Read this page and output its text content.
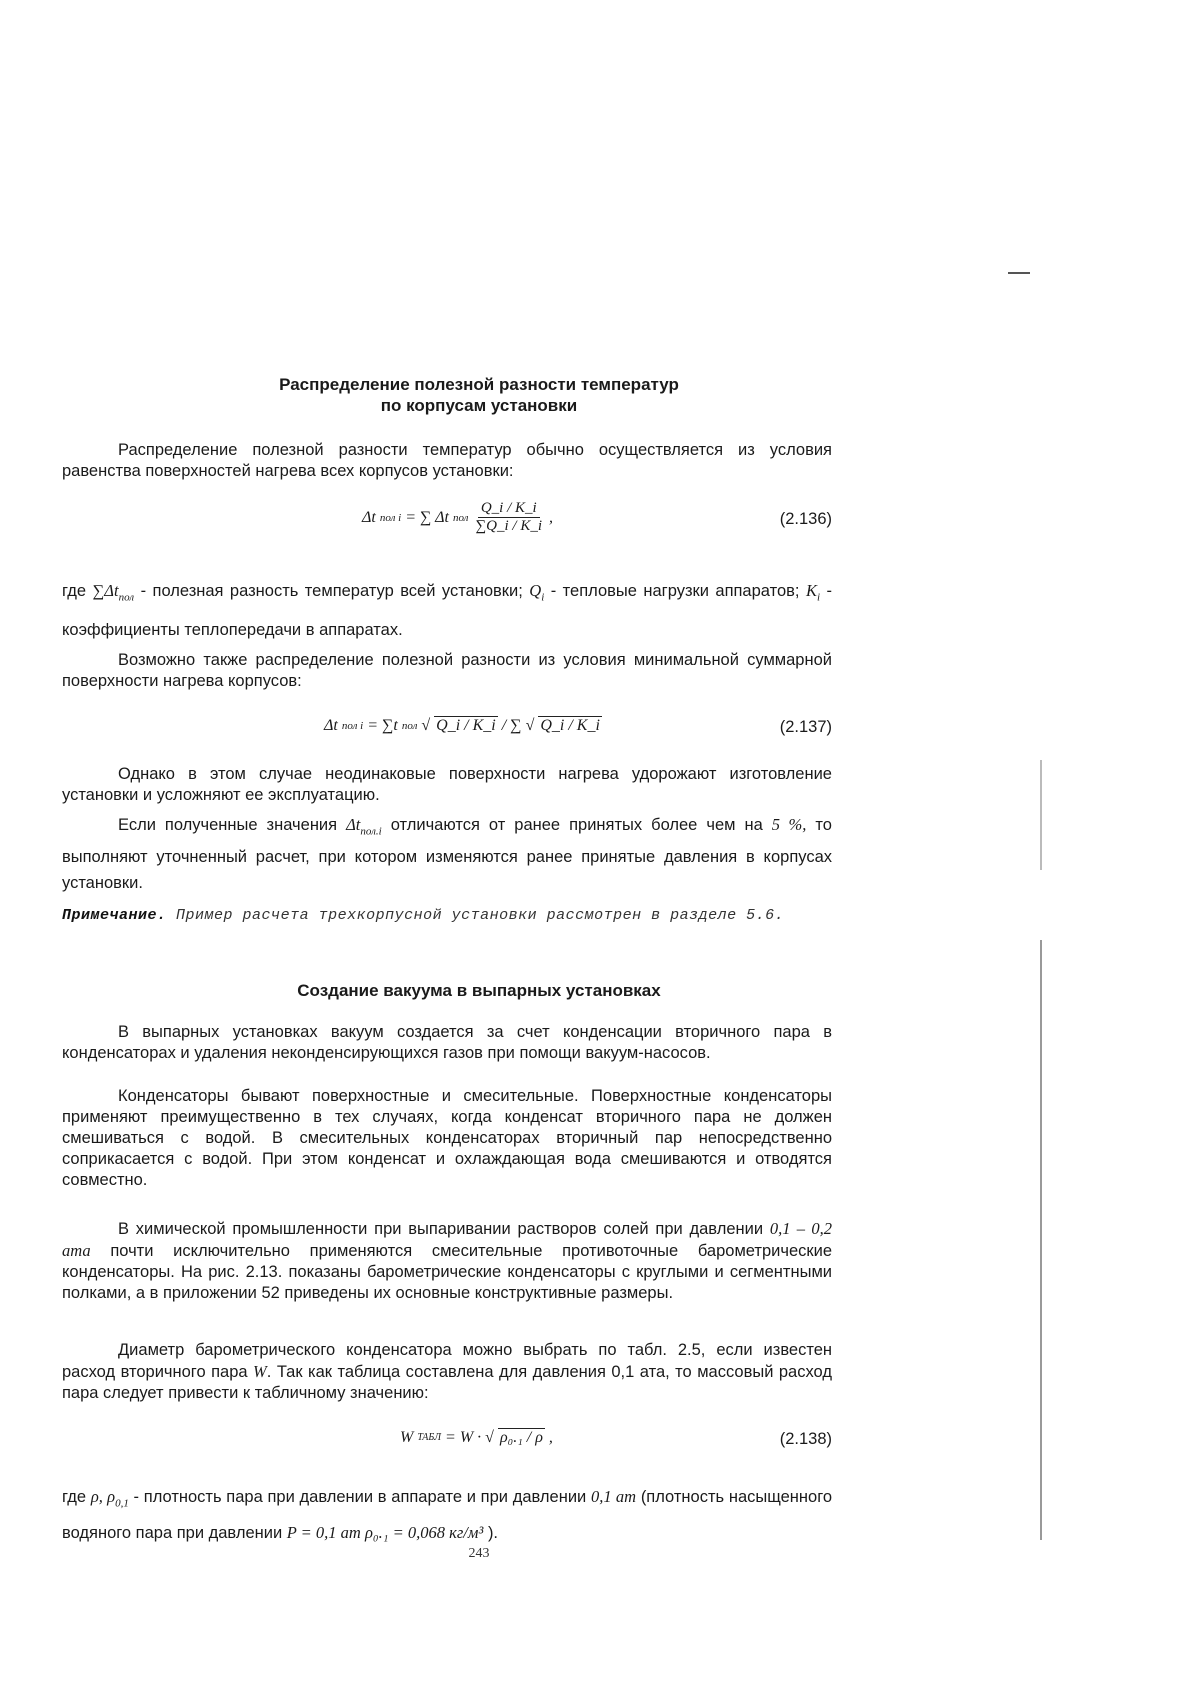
Распределение полезной разности температур
по корпусам установки
Распределение полезной разности температур обычно осуществляется из условия равенства поверхностей нагрева всех корпусов установки:
Δt пол i = ∑ Δt пол $\frac{Q\_i / K\_i}{\sum Q\_i / K\_i}$ ,	(2.136)
где $\sum\Delta t_{пол}$ - полезная разность температур всей установки; $Q_i$ - тепловые нагрузки аппаратов; $K_i$ - коэффициенты теплопередачи в аппаратах.
Возможно также распределение полезной разности из условия минимальной суммарной поверхности нагрева корпусов:
Δt пол i = ∑t пол √ Q_i / K_i / ∑ √ Q_i / K_i	(2.137)
Однако в этом случае неодинаковые поверхности нагрева удорожают изготовление установки и усложняют ее эксплуатацию.
Если полученные значения $\Delta t_{пол.i}$ отличаются от ранее принятых более чем на 5 %, то выполняют уточненный расчет, при котором изменяются ранее принятые давления в корпусах установки.
Примечание. Пример расчета трехкорпусной установки рассмотрен в разделе 5.6.
Создание вакуума в выпарных установках
В выпарных установках вакуум создается за счет конденсации вторичного пара в конденсаторах и удаления неконденсирующихся газов при помощи вакуум-насосов.
Конденсаторы бывают поверхностные и смесительные. Поверхностные конденсаторы применяют преимущественно в тех случаях, когда конденсат вторичного пара не должен смешиваться с водой. В смесительных конденсаторах вторичный пар непосредственно соприкасается с водой. При этом конденсат и охлаждающая вода смешиваются и отводятся совместно.
В химической промышленности при выпаривании растворов солей при давлении 0,1 – 0,2 ата почти исключительно применяются смесительные противоточные барометрические конденсаторы. На рис. 2.13. показаны барометрические конденсаторы с круглыми и сегментными полками, а в приложении 52 приведены их основные конструктивные размеры.
Диаметр барометрического конденсатора можно выбрать по табл. 2.5, если известен расход вторичного пара W. Так как таблица составлена для давления 0,1 ата, то массовый расход пара следует привести к табличному значению:
W ТАБЛ = W · √ ρ₀.₁ / ρ ,	(2.138)
где ρ, $\rho_{0,1}$ - плотность пара при давлении в аппарате и при давлении 0,1 ат (плотность насыщенного водяного пара при давлении P = 0,1 ат ρ₀.₁ = 0,068 кг/м³ ).
243
